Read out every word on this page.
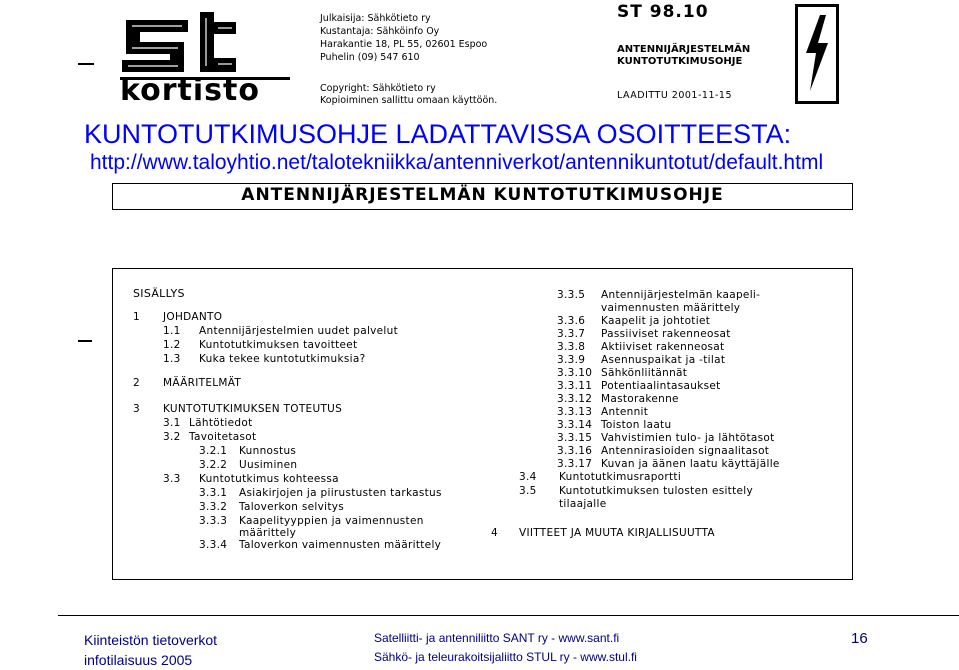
kortisto
Julkaisija: Sähkötieto ry
Kustantaja: Sähköinfo Oy
Harakantie 18, PL 55, 02601 Espoo
Puhelin (09) 547 610
Copyright: Sähkötieto ry
Kopioiminen sallittu omaan käyttöön.
ST 98.10
ANTENNIJÄRJESTELMÄN
KUNTOTUTKIMUSOHJE
LAADITTU 2001-11-15
KUNTOTUTKIMUSOHJE LADATTAVISSA OSOITTEESTA:
http://www.taloyhtio.net/talotekniikka/antenniverkot/antennikuntotut/default.html
ANTENNIJÄRJESTELMÄN KUNTOTUTKIMUSOHJE
SISÄLLYS
1 JOHDANTO
1.1 Antennijärjestelmien uudet palvelut
1.2 Kuntotutkimuksen tavoitteet
1.3 Kuka tekee kuntotutkimuksia?
2 MÄÄRITELMÄT
3 KUNTOTUTKIMUKSEN TOTEUTUS
3.1 Lähtötiedot
3.2 Tavoitetasot
3.2.1 Kunnostus
3.2.2 Uusiminen
3.3 Kuntotutkimus kohteessa
3.3.1 Asiakirjojen ja piirustusten tarkastus
3.3.2 Taloverkon selvitys
3.3.3 Kaapelityyppien ja vaimennusten
määrittely
3.3.4 Taloverkon vaimennusten määrittely
3.3.5 Antennijärjestelmän kaapeli-
vaimennusten määrittely
3.3.6 Kaapelit ja johtotiet
3.3.7 Passiiviset rakenneosat
3.3.8 Aktiiviset rakenneosat
3.3.9 Asennuspaikat ja -tilat
3.3.10 Sähkönliitännät
3.3.11 Potentiaalintasaukset
3.3.12 Mastorakenne
3.3.13 Antennit
3.3.14 Toiston laatu
3.3.15 Vahvistimien tulo- ja lähtötasot
3.3.16 Antennirasioiden signaalitasot
3.3.17 Kuvan ja äänen laatu käyttäjälle
3.4 Kuntotutkimusraportti
3.5 Kuntotutkimuksen tulosten esittely
tilaajalle
4 VIITTEET JA MUUTA KIRJALLISUUTTA
Kiinteistön tietoverkot
infotilaisuus 2005
Satelliitti- ja antenniliitto SANT ry - www.sant.fi
Sähkö- ja teleurakoitsijaliitto STUL ry - www.stul.fi
16
